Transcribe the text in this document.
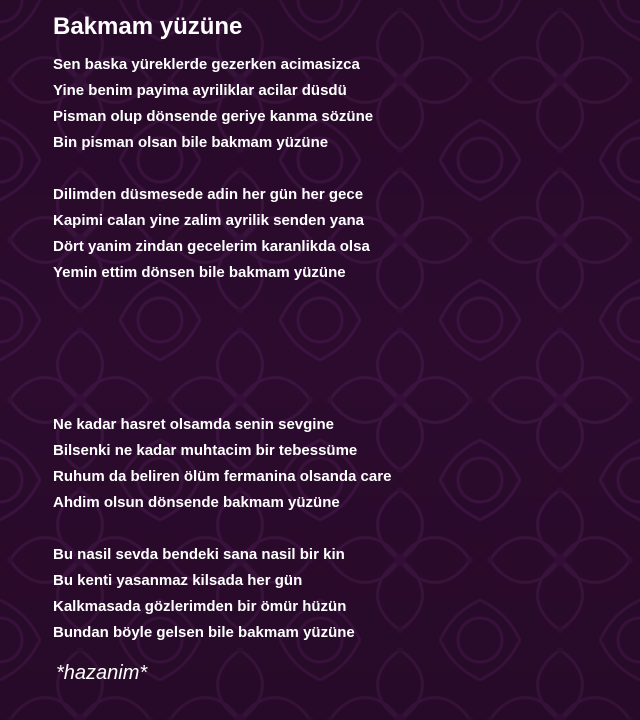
Bakmam yüzüne
Sen baska yüreklerde gezerken acimasizca
Yine benim payima ayriliklar acilar düsdü
Pisman olup dönsende geriye kanma sözüne
Bin pisman olsan bile bakmam yüzüne
Dilimden düsmesede adin her gün her gece
Kapimi calan yine zalim ayrilik senden yana
Dört yanim zindan gecelerim karanlikda olsa
Yemin ettim dönsen bile bakmam yüzüne
Ne kadar hasret olsamda senin sevgine
Bilsenki ne kadar muhtacim bir tebessüme
Ruhum da beliren ölüm fermanina olsanda care
Ahdim olsun dönsende bakmam yüzüne
Bu nasil sevda bendeki sana nasil bir kin
Bu kenti yasanmaz kilsada her gün
Kalkmasada gözlerimden bir ömür hüzün
Bundan böyle gelsen bile bakmam yüzüne

*hazanim*
